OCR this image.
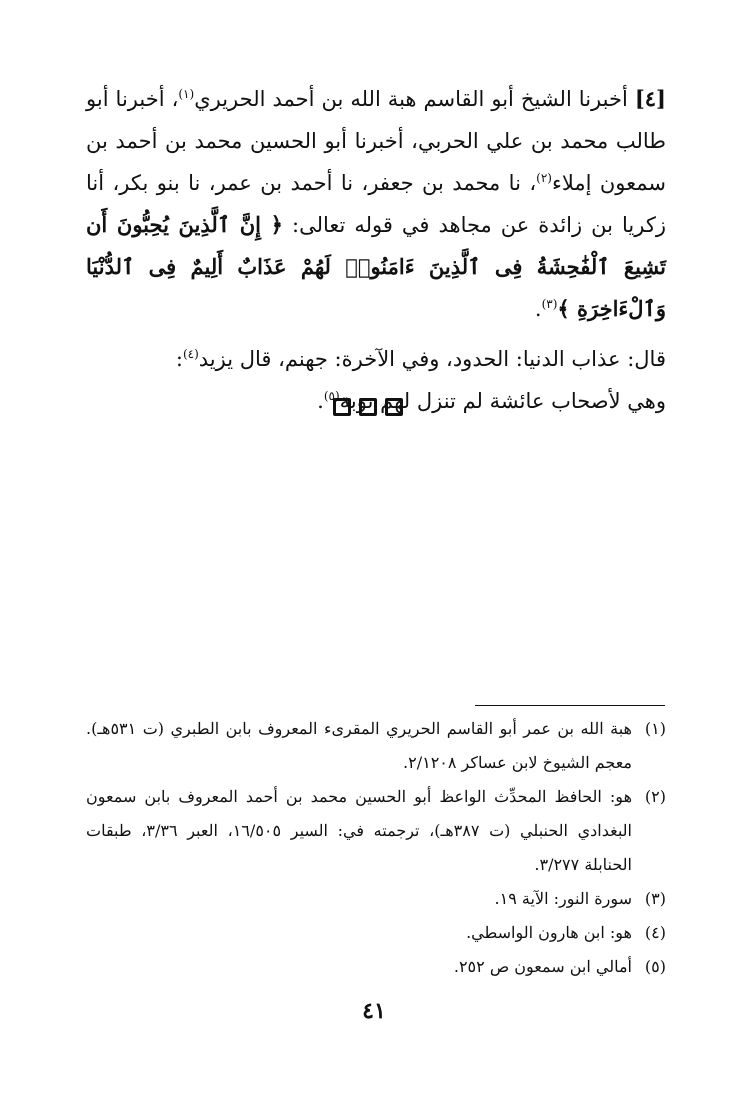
[٤] أخبرنا الشيخ أبو القاسم هبة الله بن أحمد الحريري$^{(١)}$، أخبرنا أبو طالب محمد بن علي الحربي، أخبرنا أبو الحسين محمد بن أحمد بن سمعون إملاء$^{(٢)}$، نا محمد بن جعفر، نا أحمد بن عمر، نا بنو بكر، أنا زكريا بن زائدة عن مجاهد في قوله تعالى: ﴿ إِنَّ ٱلَّذِينَ يُحِبُّونَ أَن تَشِيعَ ٱلْفَٰحِشَةُ فِى ٱلَّذِينَ ءَامَنُوا۟ لَهُمْ عَذَابٌ أَلِيمٌ فِى ٱلدُّنْيَا وَٱلْءَاخِرَةِ ﴾$^{(٣)}$.

قال: عذاب الدنيا: الحدود، وفي الآخرة: جهنم، قال يزيد$^{(٤)}$:
وهي لأصحاب عائشة لم تنزل لهم توبة$^{(٥)}$.

(١)
هبة الله بن عمر أبو القاسم الحريري المقرىء المعروف بابن الطبري (ت ٥٣١هـ). معجم الشيوخ لابن عساكر ٢/١٢٠٨.
(٢)
هو: الحافظ المحدِّث الواعظ أبو الحسين محمد بن أحمد المعروف بابن سمعون البغدادي الحنبلي (ت ٣٨٧هـ)، ترجمته في: السير ١٦/٥٠٥، العبر ٣/٣٦، طبقات الحنابلة ٣/٢٧٧.
(٣)
سورة النور: الآية ١٩.
(٤)
هو: ابن هارون الواسطي.
(٥)
أمالي ابن سمعون ص ٢٥٢.
٤١
